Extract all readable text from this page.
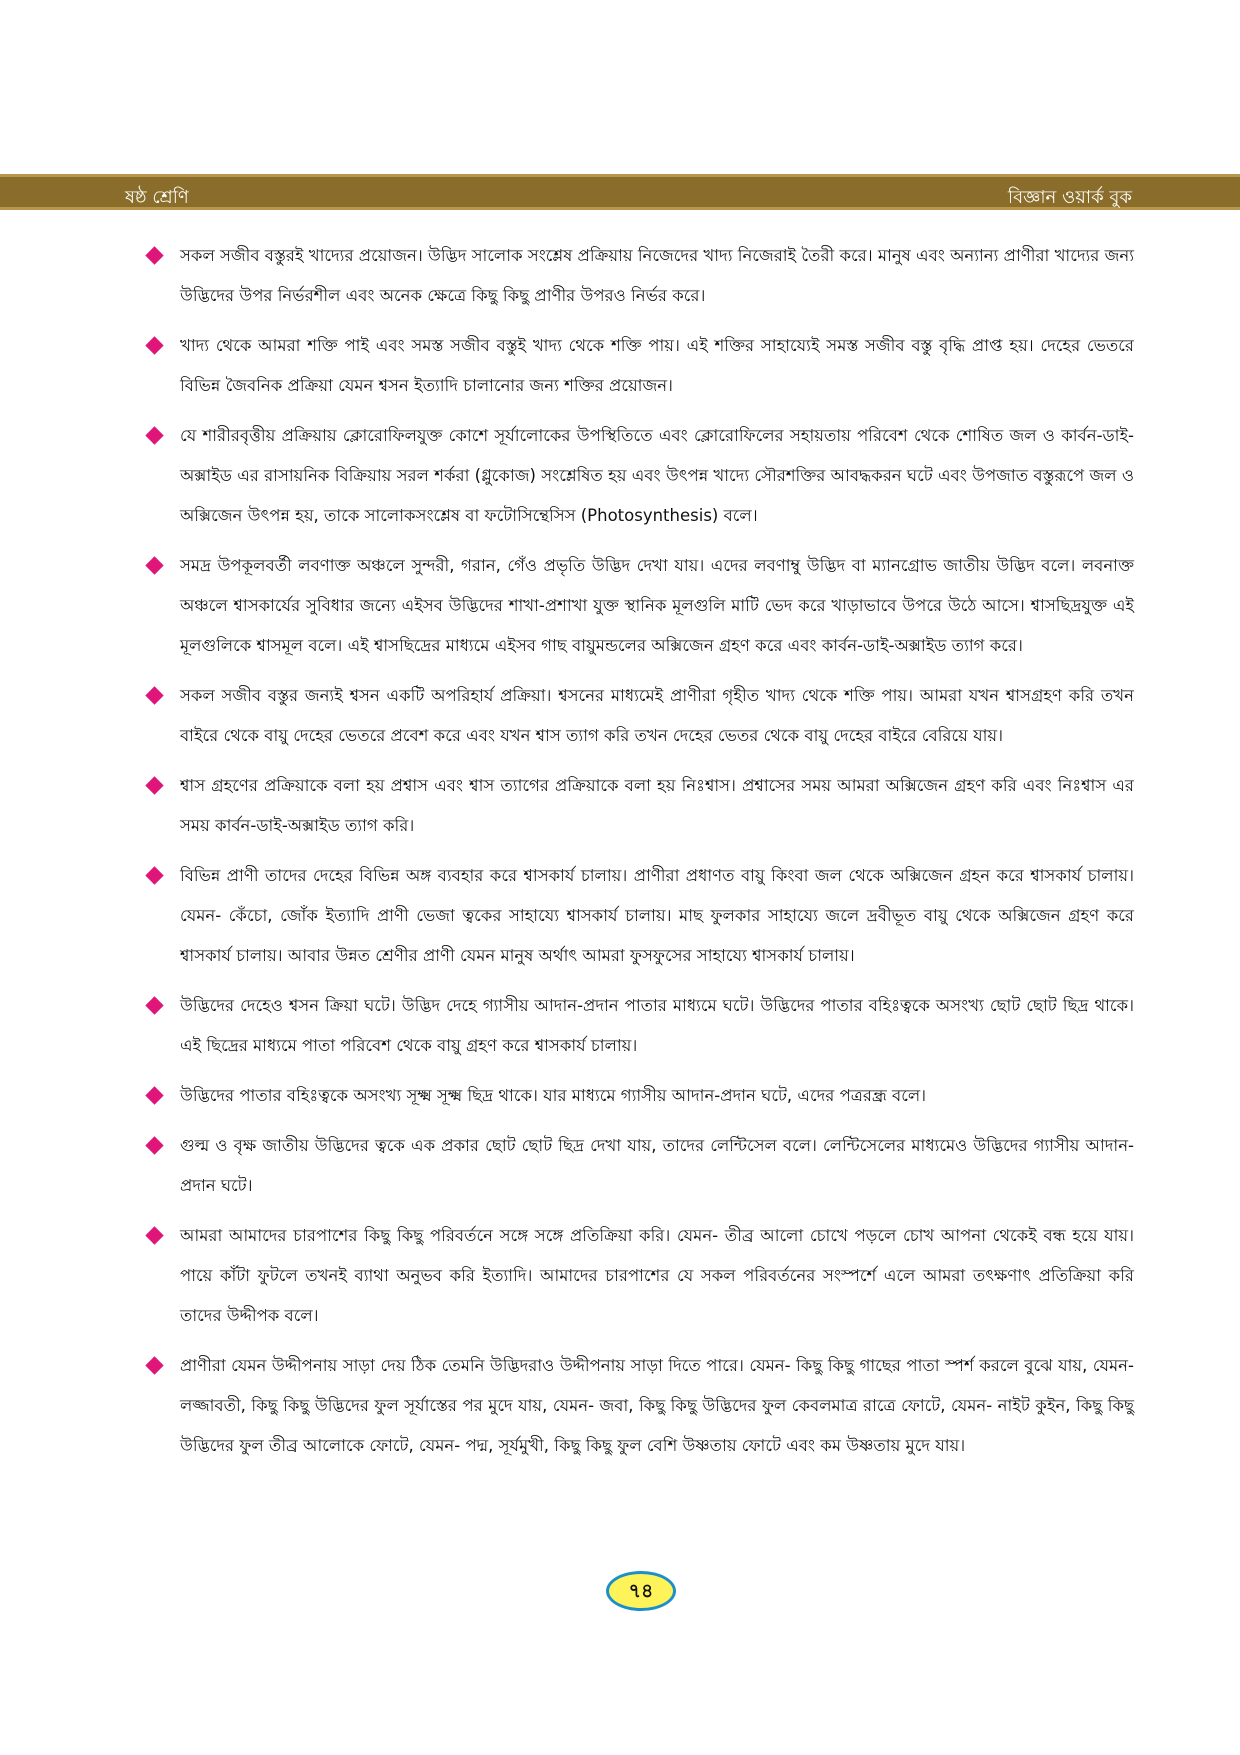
ষষ্ঠ শ্রেণি	বিজ্ঞান ওয়ার্ক বুক
সকল সজীব বস্তুরই খাদ্যের প্রয়োজন। উদ্ভিদ সালোক সংশ্লেষ প্রক্রিয়ায় নিজেদের খাদ্য নিজেরাই তৈরী করে। মানুষ এবং অন্যান্য প্রাণীরা খাদ্যের জন্য উদ্ভিদের উপর নির্ভরশীল এবং অনেক ক্ষেত্রে কিছু কিছু প্রাণীর উপরও নির্ভর করে।
খাদ্য থেকে আমরা শক্তি পাই এবং সমস্ত সজীব বস্তুই খাদ্য থেকে শক্তি পায়। এই শক্তির সাহায্যেই সমস্ত সজীব বস্তু বৃদ্ধি প্রাপ্ত হয়। দেহের ভেতরে বিভিন্ন জৈবনিক প্রক্রিয়া যেমন শ্বসন ইত্যাদি চালানোর জন্য শক্তির প্রয়োজন।
যে শারীরবৃত্তীয় প্রক্রিয়ায় ক্লোরোফিলযুক্ত কোশে সূর্যালোকের উপস্থিতিতে এবং ক্লোরোফিলের সহায়তায় পরিবেশ থেকে শোষিত জল ও কার্বন-ডাই-অক্সাইড এর রাসায়নিক বিক্রিয়ায় সরল শর্করা (গ্লুকোজ) সংশ্লেষিত হয় এবং উৎপন্ন খাদ্যে সৌরশক্তির আবদ্ধকরন ঘটে এবং উপজাত বস্তুরূপে জল ও অক্সিজেন উৎপন্ন হয়, তাকে সালোকসংশ্লেষ বা ফটোসিন্থেসিস (Photosynthesis) বলে।
সমদ্র উপকূলবর্তী লবণাক্ত অঞ্চলে সুন্দরী, গরান, গেঁও প্রভৃতি উদ্ভিদ দেখা যায়। এদের লবণাম্বু উদ্ভিদ বা ম্যানগ্রোভ জাতীয় উদ্ভিদ বলে। লবনাক্ত অঞ্চলে শ্বাসকার্যের সুবিধার জন্যে এইসব উদ্ভিদের শাখা-প্রশাখা যুক্ত স্থানিক মূলগুলি মাটি ভেদ করে খাড়াভাবে উপরে উঠে আসে। শ্বাসছিদ্রযুক্ত এই মূলগুলিকে শ্বাসমূল বলে। এই শ্বাসছিদ্রের মাধ্যমে এইসব গাছ বায়ুমন্ডলের অক্সিজেন গ্রহণ করে এবং কার্বন-ডাই-অক্সাইড ত্যাগ করে।
সকল সজীব বস্তুর জন্যই শ্বসন একটি অপরিহার্য প্রক্রিয়া। শ্বসনের মাধ্যমেই প্রাণীরা গৃহীত খাদ্য থেকে শক্তি পায়। আমরা যখন শ্বাসগ্রহণ করি তখন বাইরে থেকে বায়ু দেহের ভেতরে প্রবেশ করে এবং যখন শ্বাস ত্যাগ করি তখন দেহের ভেতর থেকে বায়ু দেহের বাইরে বেরিয়ে যায়।
শ্বাস গ্রহণের প্রক্রিয়াকে বলা হয় প্রশ্বাস এবং শ্বাস ত্যাগের প্রক্রিয়াকে বলা হয় নিঃশ্বাস। প্রশ্বাসের সময় আমরা অক্সিজেন গ্রহণ করি এবং নিঃশ্বাস এর সময় কার্বন-ডাই-অক্সাইড ত্যাগ করি।
বিভিন্ন প্রাণী তাদের দেহের বিভিন্ন অঙ্গ ব্যবহার করে শ্বাসকার্য চালায়। প্রাণীরা প্রধাণত বায়ু কিংবা জল থেকে অক্সিজেন গ্রহন করে শ্বাসকার্য চালায়। যেমন- কেঁচো, জোঁক ইত্যাদি প্রাণী ভেজা ত্বকের সাহায্যে শ্বাসকার্য চালায়। মাছ ফুলকার সাহায্যে জলে দ্রবীভূত বায়ু থেকে অক্সিজেন গ্রহণ করে শ্বাসকার্য চালায়। আবার উন্নত শ্রেণীর প্রাণী যেমন মানুষ অর্থাৎ আমরা ফুসফুসের সাহায্যে শ্বাসকার্য চালায়।
উদ্ভিদের দেহেও শ্বসন ক্রিয়া ঘটে। উদ্ভিদ দেহে গ্যাসীয় আদান-প্রদান পাতার মাধ্যমে ঘটে। উদ্ভিদের পাতার বহিঃত্বকে অসংখ্য ছোট ছোট ছিদ্র থাকে। এই ছিদ্রের মাধ্যমে পাতা পরিবেশ থেকে বায়ু গ্রহণ করে শ্বাসকার্য চালায়।
উদ্ভিদের পাতার বহিঃত্বকে অসংখ্য সূক্ষ্ম সূক্ষ্ম ছিদ্র থাকে। যার মাধ্যমে গ্যাসীয় আদান-প্রদান ঘটে, এদের পত্ররন্ধ্র বলে।
গুল্ম ও বৃক্ষ জাতীয় উদ্ভিদের ত্বকে এক প্রকার ছোট ছোট ছিদ্র দেখা যায়, তাদের লেন্টিসেল বলে। লেন্টিসেলের মাধ্যমেও উদ্ভিদের গ্যাসীয় আদান-প্রদান ঘটে।
আমরা আমাদের চারপাশের কিছু কিছু পরিবর্তনে সঙ্গে সঙ্গে প্রতিক্রিয়া করি। যেমন- তীব্র আলো চোখে পড়লে চোখ আপনা থেকেই বন্ধ হয়ে যায়। পায়ে কাঁটা ফুটলে তখনই ব্যাথা অনুভব করি ইত্যাদি। আমাদের চারপাশের যে সকল পরিবর্তনের সংস্পর্শে এলে আমরা তৎক্ষণাৎ প্রতিক্রিয়া করি তাদের উদ্দীপক বলে।
প্রাণীরা যেমন উদ্দীপনায় সাড়া দেয় ঠিক তেমনি উদ্ভিদরাও উদ্দীপনায় সাড়া দিতে পারে। যেমন- কিছু কিছু গাছের পাতা স্পর্শ করলে বুঝে যায়, যেমন- লজ্জাবতী, কিছু কিছু উদ্ভিদের ফুল সূর্যাস্তের পর মুদে যায়, যেমন- জবা, কিছু কিছু উদ্ভিদের ফুল কেবলমাত্র রাত্রে ফোটে, যেমন- নাইট কুইন, কিছু কিছু উদ্ভিদের ফুল তীব্র আলোকে ফোটে, যেমন- পদ্ম, সূর্যমুখী, কিছু কিছু ফুল বেশি উষ্ণতায় ফোটে এবং কম উষ্ণতায় মুদে যায়।
৭৪
